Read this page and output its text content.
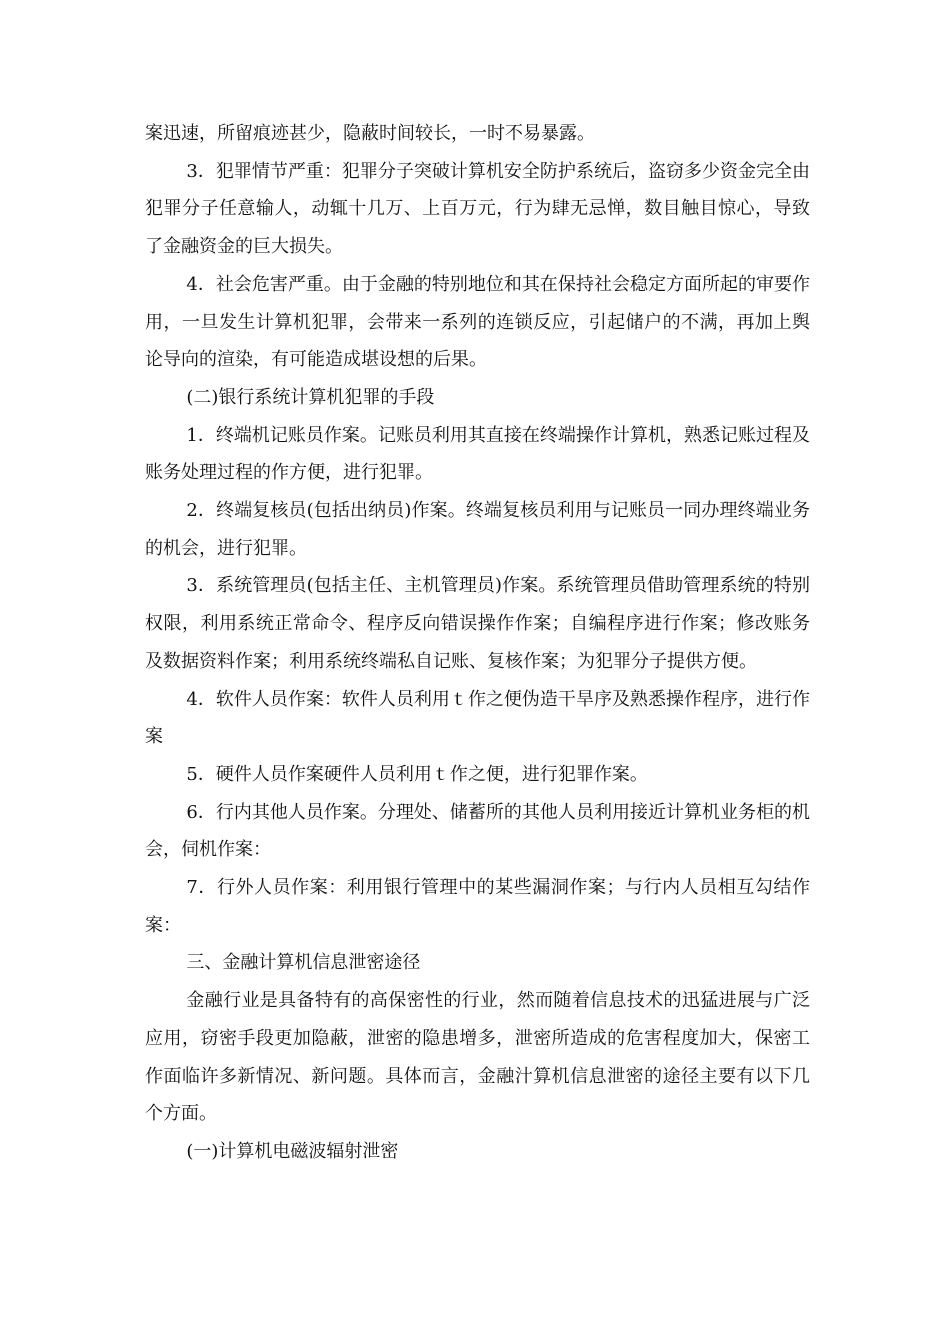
案迅速，所留痕迹甚少，隐蔽时间较长，一时不易暴露。

3．犯罪情节严重：犯罪分子突破计算机安全防护系统后，盗窃多少资金完全由犯罪分子任意输人，动辄十几万、上百万元，行为肆无忌惮，数目触目惊心，导致了金融资金的巨大损失。

4．社会危害严重。由于金融的特别地位和其在保持社会稳定方面所起的审要作用，一旦发生计算机犯罪，会带来一系列的连锁反应，引起储户的不满，再加上舆论导向的渲染，有可能造成堪设想的后果。

(二)银行系统计算机犯罪的手段

1．终端机记账员作案。记账员利用其直接在终端操作计算机，熟悉记账过程及账务处理过程的作方便，进行犯罪。

2．终端复核员(包括出纳员)作案。终端复核员利用与记账员一同办理终端业务的机会，进行犯罪。

3．系统管理员(包括主任、主机管理员)作案。系统管理员借助管理系统的特别权限，利用系统正常命令、程序反向错误操作作案；自编程序进行作案；修改账务及数据资料作案；利用系统终端私自记账、复核作案；为犯罪分子提供方便。

4．软件人员作案：软件人员利用ｔ作之便伪造干旱序及熟悉操作程序，进行作案

5．硬件人员作案硬件人员利用ｔ作之便，进行犯罪作案。

6．行内其他人员作案。分理处、储蓄所的其他人员利用接近计算机业务柜的机会，伺机作案：

7．行外人员作案：利用银行管理中的某些漏洞作案；与行内人员相互勾结作案：

三、金融计算机信息泄密途径

金融行业是具备特有的高保密性的行业，然而随着信息技术的迅猛进展与广泛应用，窃密手段更加隐蔽，泄密的隐患增多，泄密所造成的危害程度加大，保密工作面临许多新情况、新问题。具体而言，金融汁算机信息泄密的途径主要有以下几个方面。

(一)计算机电磁波辐射泄密
